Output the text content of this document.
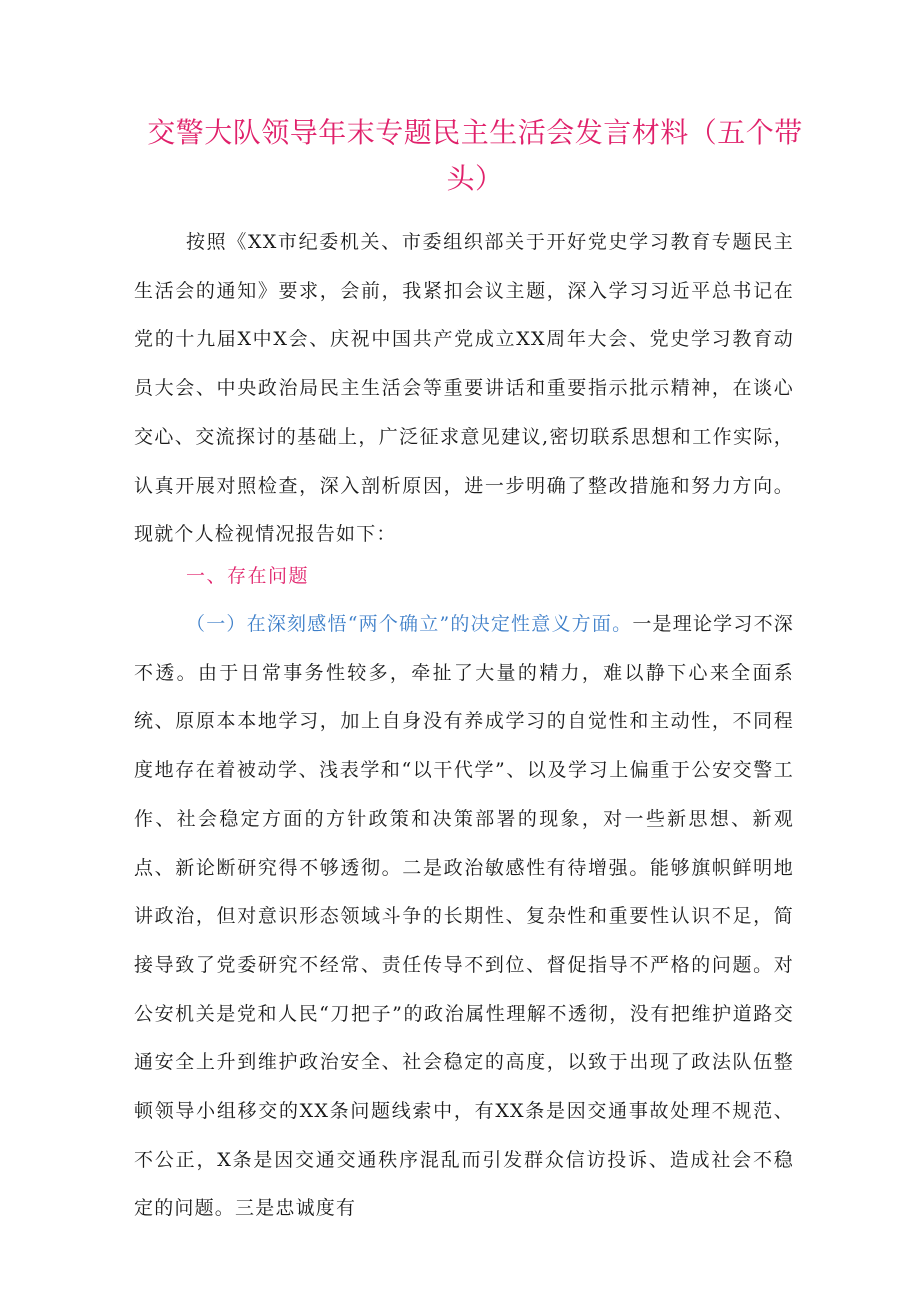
交警大队领导年末专题民主生活会发言材料（五个带头）

按照《XX市纪委机关、市委组织部关于开好党史学习教育专题民主生活会的通知》要求，会前，我紧扣会议主题，深入学习习近平总书记在党的十九届X中X会、庆祝中国共产党成立XX周年大会、党史学习教育动员大会、中央政治局民主生活会等重要讲话和重要指示批示精神，在谈心交心、交流探讨的基础上，广泛征求意见建议,密切联系思想和工作实际，认真开展对照检查，深入剖析原因，进一步明确了整改措施和努力方向。现就个人检视情况报告如下：

一、存在问题

（一）在深刻感悟“两个确立”的决定性意义方面。一是理论学习不深不透。由于日常事务性较多，牵扯了大量的精力，难以静下心来全面系统、原原本本地学习，加上自身没有养成学习的自觉性和主动性，不同程度地存在着被动学、浅表学和“以干代学”、以及学习上偏重于公安交警工作、社会稳定方面的方针政策和决策部署的现象，对一些新思想、新观点、新论断研究得不够透彻。二是政治敏感性有待增强。能够旗帜鲜明地讲政治，但对意识形态领域斗争的长期性、复杂性和重要性认识不足，简接导致了党委研究不经常、责任传导不到位、督促指导不严格的问题。对公安机关是党和人民“刀把子”的政治属性理解不透彻，没有把维护道路交通安全上升到维护政治安全、社会稳定的高度，以致于出现了政法队伍整顿领导小组移交的XX条问题线索中，有XX条是因交通事故处理不规范、不公正，X条是因交通交通秩序混乱而引发群众信访投诉、造成社会不稳定的问题。三是忠诚度有
